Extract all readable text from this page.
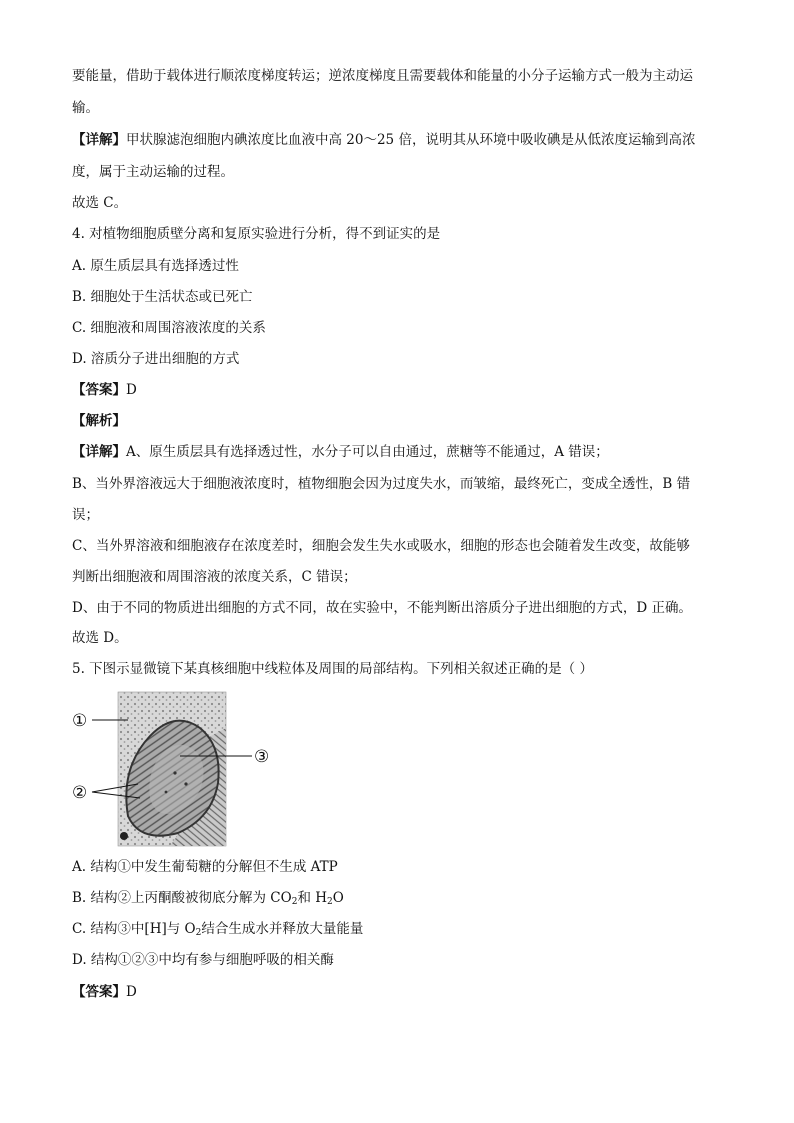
要能量，借助于载体进行顺浓度梯度转运；逆浓度梯度且需要载体和能量的小分子运输方式一般为主动运
输。
【详解】甲状腺滤泡细胞内碘浓度比血液中高 20～25 倍，说明其从环境中吸收碘是从低浓度运输到高浓
度，属于主动运输的过程。
故选 C。
4. 对植物细胞质壁分离和复原实验进行分析，得不到证实的是
A. 原生质层具有选择透过性
B. 细胞处于生活状态或已死亡
C. 细胞液和周围溶液浓度的关系
D. 溶质分子进出细胞的方式
【答案】D
【解析】
【详解】A、原生质层具有选择透过性，水分子可以自由通过，蔗糖等不能通过，A 错误；
B、当外界溶液远大于细胞液浓度时，植物细胞会因为过度失水，而皱缩，最终死亡，变成全透性，B 错
误；
C、当外界溶液和细胞液存在浓度差时，细胞会发生失水或吸水，细胞的形态也会随着发生改变，故能够
判断出细胞液和周围溶液的浓度关系，C 错误；
D、由于不同的物质进出细胞的方式不同，故在实验中，不能判断出溶质分子进出细胞的方式，D 正确。
故选 D。
5. 下图示显微镜下某真核细胞中线粒体及周围的局部结构。下列相关叙述正确的是（ ）
①
②
③
A. 结构①中发生葡萄糖的分解但不生成 ATP
B. 结构②上丙酮酸被彻底分解为 $CO_2$和 $H_2O$
C. 结构③中[H]与 $O_2$结合生成水并释放大量能量
D. 结构①②③中均有参与细胞呼吸的相关酶
【答案】D
